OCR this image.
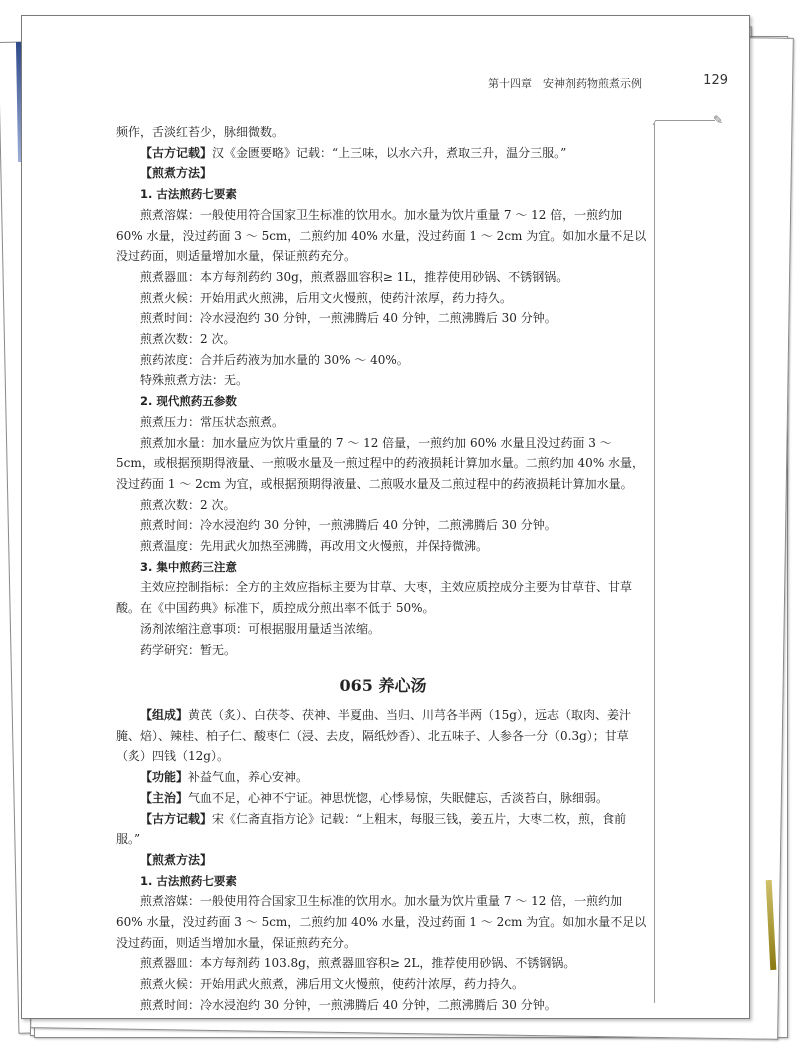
第十四章　安神剂药物煎煮示例	129
✎

频作，舌淡红苔少，脉细微数。

【古方记载】汉《金匮要略》记载：“上三味，以水六升，煮取三升，温分三服。”

【煎煮方法】

1. 古法煎药七要素

煎煮溶媒：一般使用符合国家卫生标准的饮用水。加水量为饮片重量 7 ～ 12 倍，一煎约加 60% 水量，没过药面 3 ～ 5cm，二煎约加 40% 水量，没过药面 1 ～ 2cm 为宜。如加水量不足以没过药面，则适量增加水量，保证煎药充分。

煎煮器皿：本方每剂药约 30g，煎煮器皿容积≥ 1L，推荐使用砂锅、不锈钢锅。

煎煮火候：开始用武火煎沸，后用文火慢煎，使药汁浓厚，药力持久。

煎煮时间：冷水浸泡约 30 分钟，一煎沸腾后 40 分钟，二煎沸腾后 30 分钟。

煎煮次数：2 次。

煎药浓度：合并后药液为加水量的 30% ～ 40%。

特殊煎煮方法：无。

2. 现代煎药五参数

煎煮压力：常压状态煎煮。

煎煮加水量：加水量应为饮片重量的 7 ～ 12 倍量，一煎约加 60% 水量且没过药面 3 ～ 5cm，或根据预期得液量、一煎吸水量及一煎过程中的药液损耗计算加水量。二煎约加 40% 水量，没过药面 1 ～ 2cm 为宜，或根据预期得液量、二煎吸水量及二煎过程中的药液损耗计算加水量。

煎煮次数：2 次。

煎煮时间：冷水浸泡约 30 分钟，一煎沸腾后 40 分钟，二煎沸腾后 30 分钟。

煎煮温度：先用武火加热至沸腾，再改用文火慢煎，并保持微沸。

3. 集中煎药三注意

主效应控制指标：全方的主效应指标主要为甘草、大枣，主效应质控成分主要为甘草苷、甘草酸。在《中国药典》标准下，质控成分煎出率不低于 50%。

汤剂浓缩注意事项：可根据服用量适当浓缩。

药学研究：暂无。

065 养心汤

【组成】黄芪（炙）、白茯苓、茯神、半夏曲、当归、川芎各半两（15g），远志（取肉、姜汁腌、焙）、辣桂、柏子仁、酸枣仁（浸、去皮，隔纸炒香）、北五味子、人参各一分（0.3g）；甘草（炙）四钱（12g）。

【功能】补益气血，养心安神。

【主治】气血不足，心神不宁证。神思恍惚，心悸易惊，失眠健忘，舌淡苔白，脉细弱。

【古方记载】宋《仁斋直指方论》记载：“上粗末，每服三钱，姜五片，大枣二枚，煎，食前服。”

【煎煮方法】

1. 古法煎药七要素

煎煮溶媒：一般使用符合国家卫生标准的饮用水。加水量为饮片重量 7 ～ 12 倍，一煎约加 60% 水量，没过药面 3 ～ 5cm，二煎约加 40% 水量，没过药面 1 ～ 2cm 为宜。如加水量不足以没过药面，则适当增加水量，保证煎药充分。

煎煮器皿：本方每剂药 103.8g，煎煮器皿容积≥ 2L，推荐使用砂锅、不锈钢锅。

煎煮火候：开始用武火煎煮，沸后用文火慢煎，使药汁浓厚，药力持久。

煎煮时间：冷水浸泡约 30 分钟，一煎沸腾后 40 分钟，二煎沸腾后 30 分钟。
